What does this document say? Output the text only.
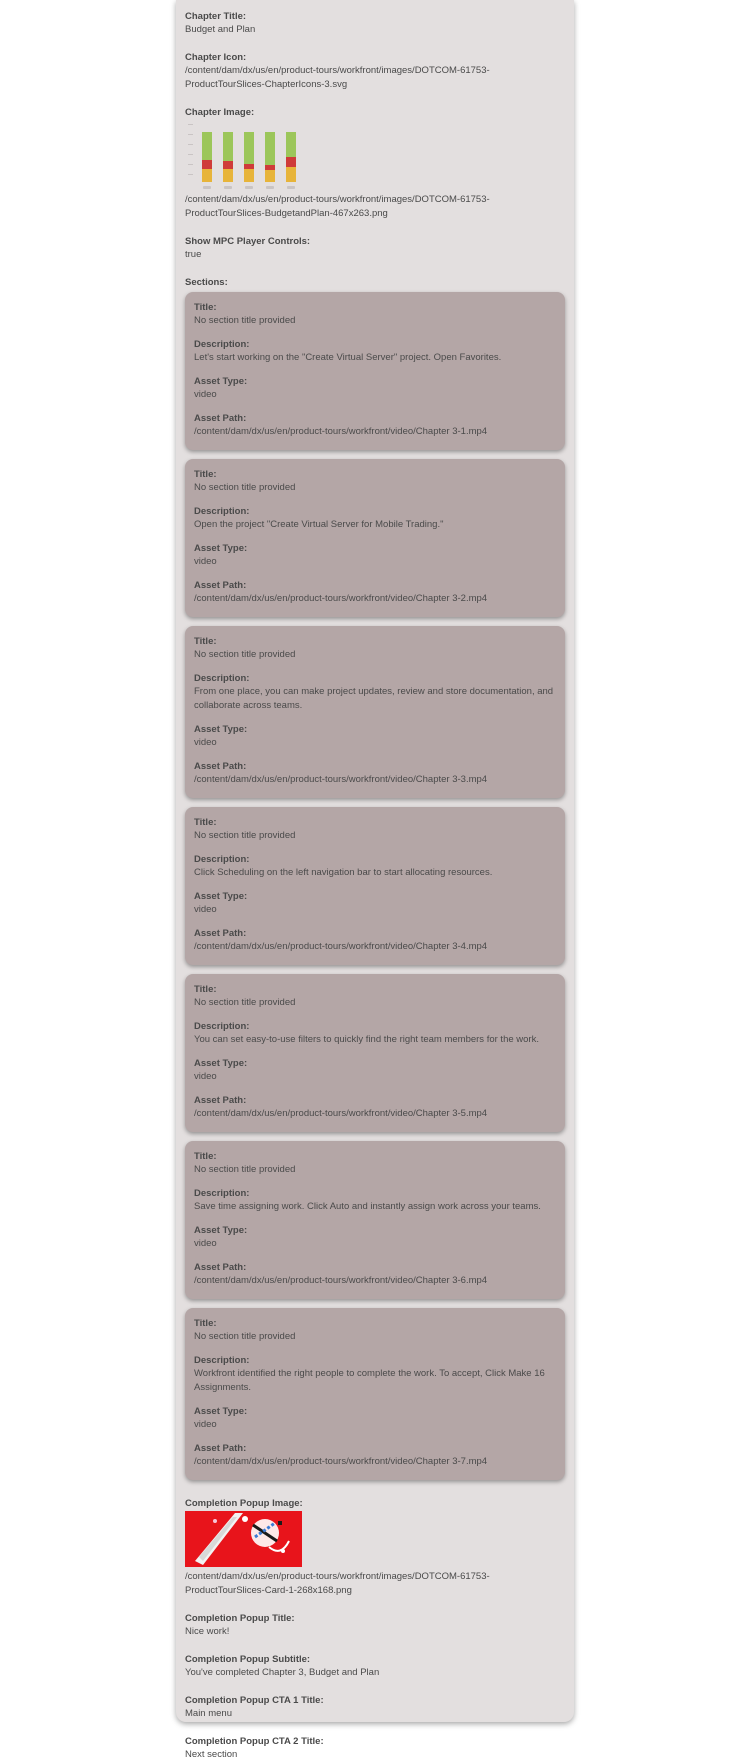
Chapter Title:
Budget and Plan
Chapter Icon:
/content/dam/dx/us/en/product-tours/workfront/images/DOTCOM-61753-ProductTourSlices-ChapterIcons-3.svg
Chapter Image:
/content/dam/dx/us/en/product-tours/workfront/images/DOTCOM-61753-ProductTourSlices-BudgetandPlan-467x263.png
Show MPC Player Controls:
true
Sections:
Title:
No section title provided
Description:
Let's start working on the "Create Virtual Server" project. Open Favorites.
Asset Type:
video
Asset Path:
/content/dam/dx/us/en/product-tours/workfront/video/Chapter 3-1.mp4
Title:
No section title provided
Description:
Open the project "Create Virtual Server for Mobile Trading."
Asset Type:
video
Asset Path:
/content/dam/dx/us/en/product-tours/workfront/video/Chapter 3-2.mp4
Title:
No section title provided
Description:
From one place, you can make project updates, review and store documentation, and collaborate across teams.
Asset Type:
video
Asset Path:
/content/dam/dx/us/en/product-tours/workfront/video/Chapter 3-3.mp4
Title:
No section title provided
Description:
Click Scheduling on the left navigation bar to start allocating resources.
Asset Type:
video
Asset Path:
/content/dam/dx/us/en/product-tours/workfront/video/Chapter 3-4.mp4
Title:
No section title provided
Description:
You can set easy-to-use filters to quickly find the right team members for the work.
Asset Type:
video
Asset Path:
/content/dam/dx/us/en/product-tours/workfront/video/Chapter 3-5.mp4
Title:
No section title provided
Description:
Save time assigning work. Click Auto and instantly assign work across your teams.
Asset Type:
video
Asset Path:
/content/dam/dx/us/en/product-tours/workfront/video/Chapter 3-6.mp4
Title:
No section title provided
Description:
Workfront identified the right people to complete the work. To accept, Click Make 16 Assignments.
Asset Type:
video
Asset Path:
/content/dam/dx/us/en/product-tours/workfront/video/Chapter 3-7.mp4
Completion Popup Image:
/content/dam/dx/us/en/product-tours/workfront/images/DOTCOM-61753-ProductTourSlices-Card-1-268x168.png
Completion Popup Title:
Nice work!
Completion Popup Subtitle:
You've completed Chapter 3, Budget and Plan
Completion Popup CTA 1 Title:
Main menu
Completion Popup CTA 2 Title:
Next section
